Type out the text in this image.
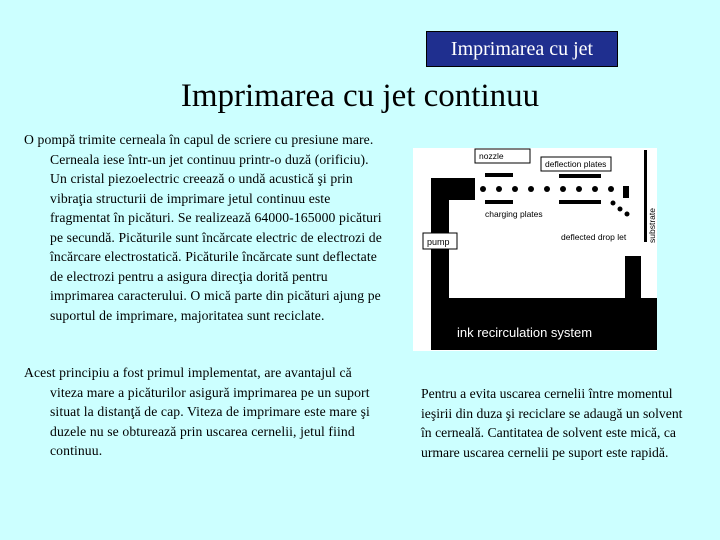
Imprimarea cu jet
Imprimarea cu jet continuu

O pompă trimite cerneala în capul de scriere cu presiune mare. Cerneala iese într-un jet continuu printr-o duză (orificiu). Un cristal piezoelectric creează o undă acustică şi prin vibraţia structurii de imprimare jetul continuu este fragmentat în picături. Se realizează 64000-165000 picături pe secundă. Picăturile sunt încărcate electric de electrozi de încărcare electrostatică. Picăturile încărcate sunt deflectate de electrozi pentru a asigura direcţia dorită pentru imprimarea caracterului. O mică parte din picături ajung pe suportul de imprimare, majoritatea sunt reciclate.

Acest principiu a fost primul implementat, are avantajul că viteza mare a picăturilor asigură imprimarea pe un suport situat la distanţă de cap. Viteza de imprimare este mare şi duzele nu se obturează prin uscarea cernelii, jetul fiind continuu.

nozzle
deflection plates
charging plates	substrate
pump	deflected drop let
ink recirculation system

Pentru a evita uscarea cernelii între momentul ieşirii din duza şi reciclare se adaugă un solvent în cerneală. Cantitatea de solvent este mică, ca urmare uscarea cernelii pe suport este rapidă.
